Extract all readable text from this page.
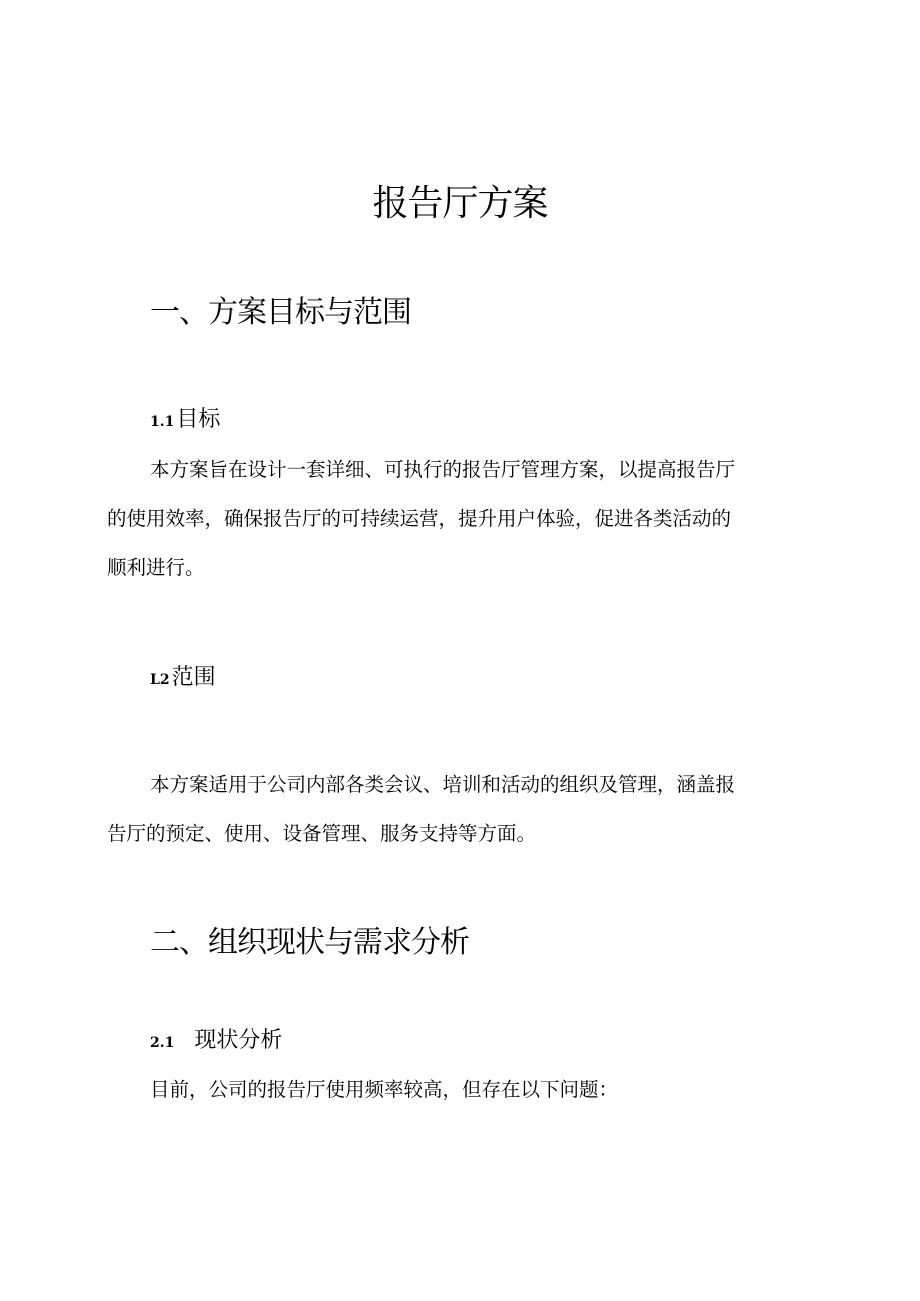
报告厅方案
一、方案目标与范围
1.1目标
本方案旨在设计一套详细、可执行的报告厅管理方案，以提高报告厅
的使用效率，确保报告厅的可持续运营，提升用户体验，促进各类活动的
顺利进行。
L2范围
本方案适用于公司内部各类会议、培训和活动的组织及管理，涵盖报
告厅的预定、使用、设备管理、服务支持等方面。
二、组织现状与需求分析
2.1 现状分析
目前，公司的报告厅使用频率较高，但存在以下问题：
